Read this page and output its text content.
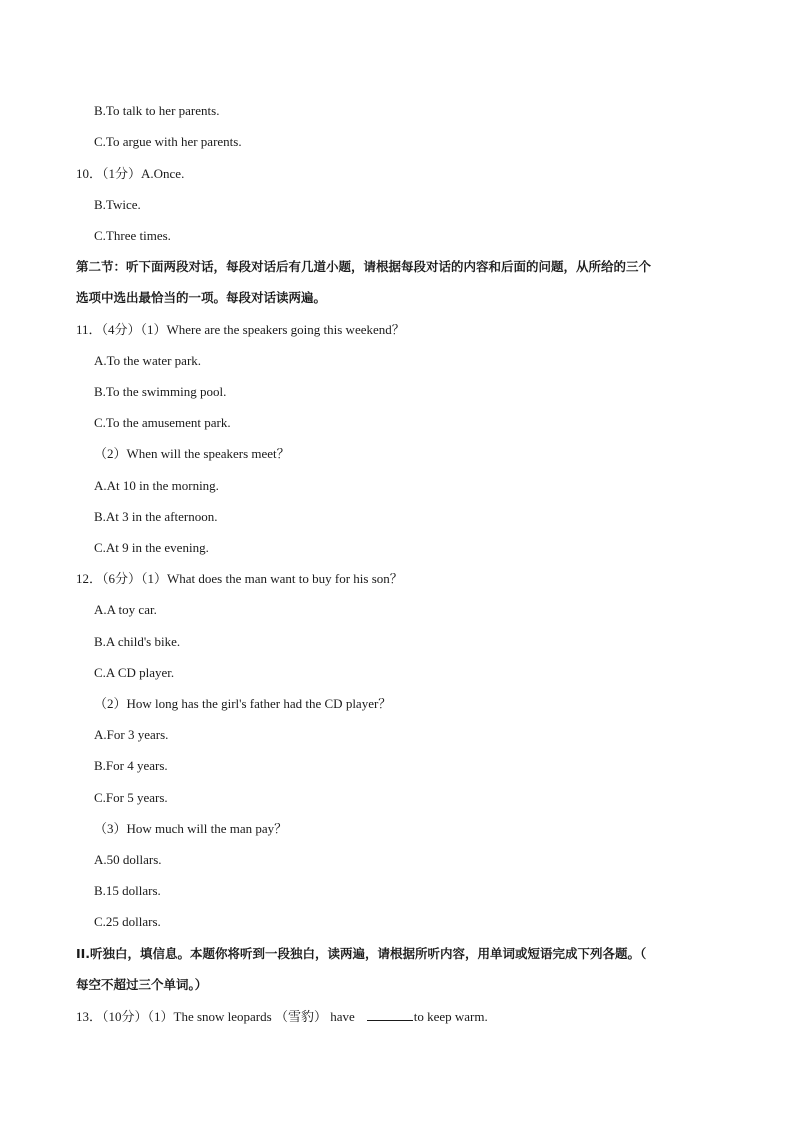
B.To talk to her parents.
C.To argue with her parents.
10．（1分）A.Once.
B.Twice.
C.Three times.
第二节：听下面两段对话，每段对话后有几道小题，请根据每段对话的内容和后面的问题，从所给的三个
选项中选出最恰当的一项。每段对话读两遍。
11．（4分）（1）Where are the speakers going this weekend？
A.To the water park.
B.To the swimming pool.
C.To the amusement park.
（2）When will the speakers meet？
A.At 10 in the morning.
B.At 3 in the afternoon.
C.At 9 in the evening.
12．（6分）（1）What does the man want to buy for his son？
A.A toy car.
B.A child's bike.
C.A CD player.
（2）How long has the girl's father had the CD player？
A.For 3 years.
B.For 4 years.
C.For 5 years.
（3）How much will the man pay？
A.50 dollars.
B.15 dollars.
C.25 dollars.
II.听独白，填信息。本题你将听到一段独白，读两遍，请根据所听内容，用单词或短语完成下列各题。（
每空不超过三个单词。）
13．（10分）（1）The snow leopards （雪豹） have	to keep warm.
